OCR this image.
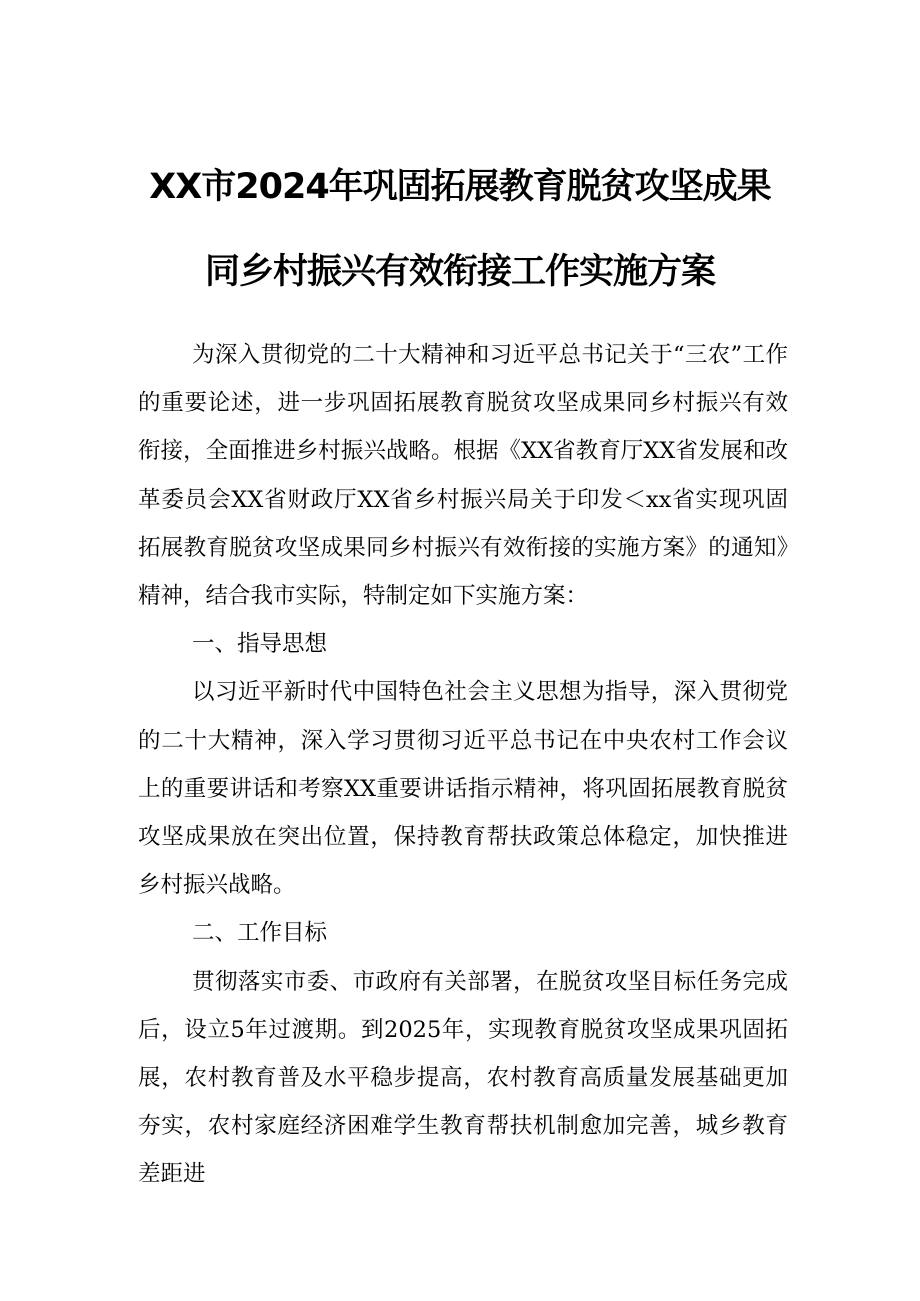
XX市2024年巩固拓展教育脱贫攻坚成果
同乡村振兴有效衔接工作实施方案

为深入贯彻党的二十大精神和习近平总书记关于“三农”工作的重要论述，进一步巩固拓展教育脱贫攻坚成果同乡村振兴有效衔接，全面推进乡村振兴战略。根据《XX省教育厅XX省发展和改革委员会XX省财政厅XX省乡村振兴局关于印发＜xx省实现巩固拓展教育脱贫攻坚成果同乡村振兴有效衔接的实施方案》的通知》精神，结合我市实际，特制定如下实施方案：

一、指导思想

以习近平新时代中国特色社会主义思想为指导，深入贯彻党的二十大精神，深入学习贯彻习近平总书记在中央农村工作会议上的重要讲话和考察XX重要讲话指示精神，将巩固拓展教育脱贫攻坚成果放在突出位置，保持教育帮扶政策总体稳定，加快推进乡村振兴战略。

二、工作目标

贯彻落实市委、市政府有关部署，在脱贫攻坚目标任务完成后，设立5年过渡期。到2025年，实现教育脱贫攻坚成果巩固拓展，农村教育普及水平稳步提高，农村教育高质量发展基础更加夯实，农村家庭经济困难学生教育帮扶机制愈加完善，城乡教育差距进
